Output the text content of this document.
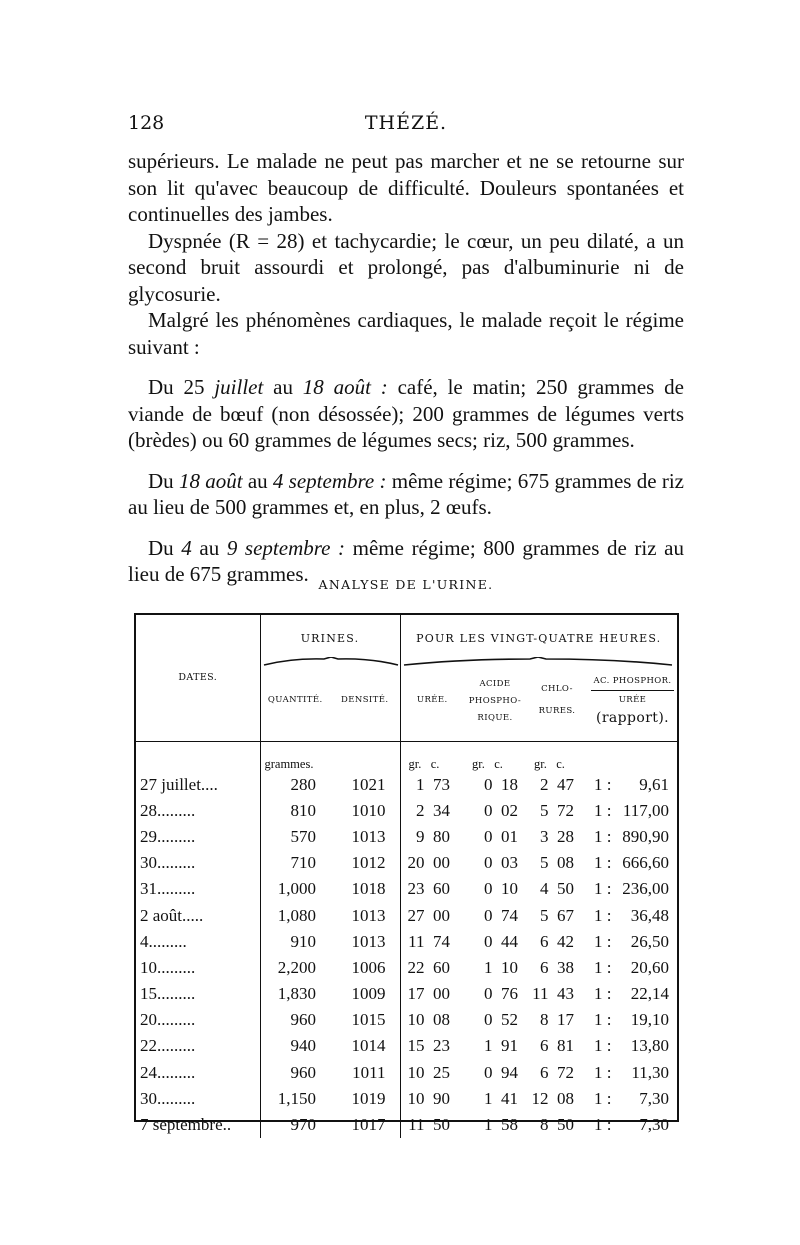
128	THÉZÉ.

supérieurs. Le malade ne peut pas marcher et ne se retourne sur son lit qu'avec beaucoup de difficulté. Douleurs spontanées et continuelles des jambes.

Dyspnée (R = 28) et tachycardie; le cœur, un peu dilaté, a un second bruit assourdi et prolongé, pas d'albuminurie ni de glycosurie.

Malgré les phénomènes cardiaques, le malade reçoit le régime suivant :

Du 25 juillet au 18 août : café, le matin; 250 grammes de viande de bœuf (non désossée); 200 grammes de légumes verts (brèdes) ou 60 grammes de légumes secs; riz, 500 grammes.

Du 18 août au 4 septembre : même régime; 675 grammes de riz au lieu de 500 grammes et, en plus, 2 œufs.

Du 4 au 9 septembre : même régime; 800 grammes de riz au lieu de 675 grammes. ANALYSE DE L'URINE.
DATES.	URINES.		POUR LES VINGT-QUATRE HEURES.			
	QUANTITÉ.	DENSITÉ.	URÉE.	ACIDE
PHOSPHO-
RIQUE.	CHLO-
RURES.	AC. PHOSPHOR.
URÉE
(rapport).
	grammes.		gr.   c.	gr.   c.	gr.   c.	
27 juillet....	280	1021	1  73	0  18	2  47	1 : 9,61

28.........	810	1010	2  34	0  02	5  72	1 : 117,00

29.........	570	1013	9  80	0  01	3  28	1 : 890,90

30.........	710	1012	20  00	0  03	5  08	1 : 666,60

31.........	1,000	1018	23  60	0  10	4  50	1 : 236,00

2 août.....	1,080	1013	27  00	0  74	5  67	1 : 36,48

4.........	910	1013	11  74	0  44	6  42	1 : 26,50

10.........	2,200	1006	22  60	1  10	6  38	1 : 20,60

15.........	1,830	1009	17  00	0  76	11  43	1 : 22,14

20.........	960	1015	10  08	0  52	8  17	1 : 19,10

22.........	940	1014	15  23	1  91	6  81	1 : 13,80

24.........	960	1011	10  25	0  94	6  72	1 : 11,30

30.........	1,150	1019	10  90	1  41	12  08	1 : 7,30

7 septembre..	970	1017	11  50	1  58	8  50	1 : 7,30
